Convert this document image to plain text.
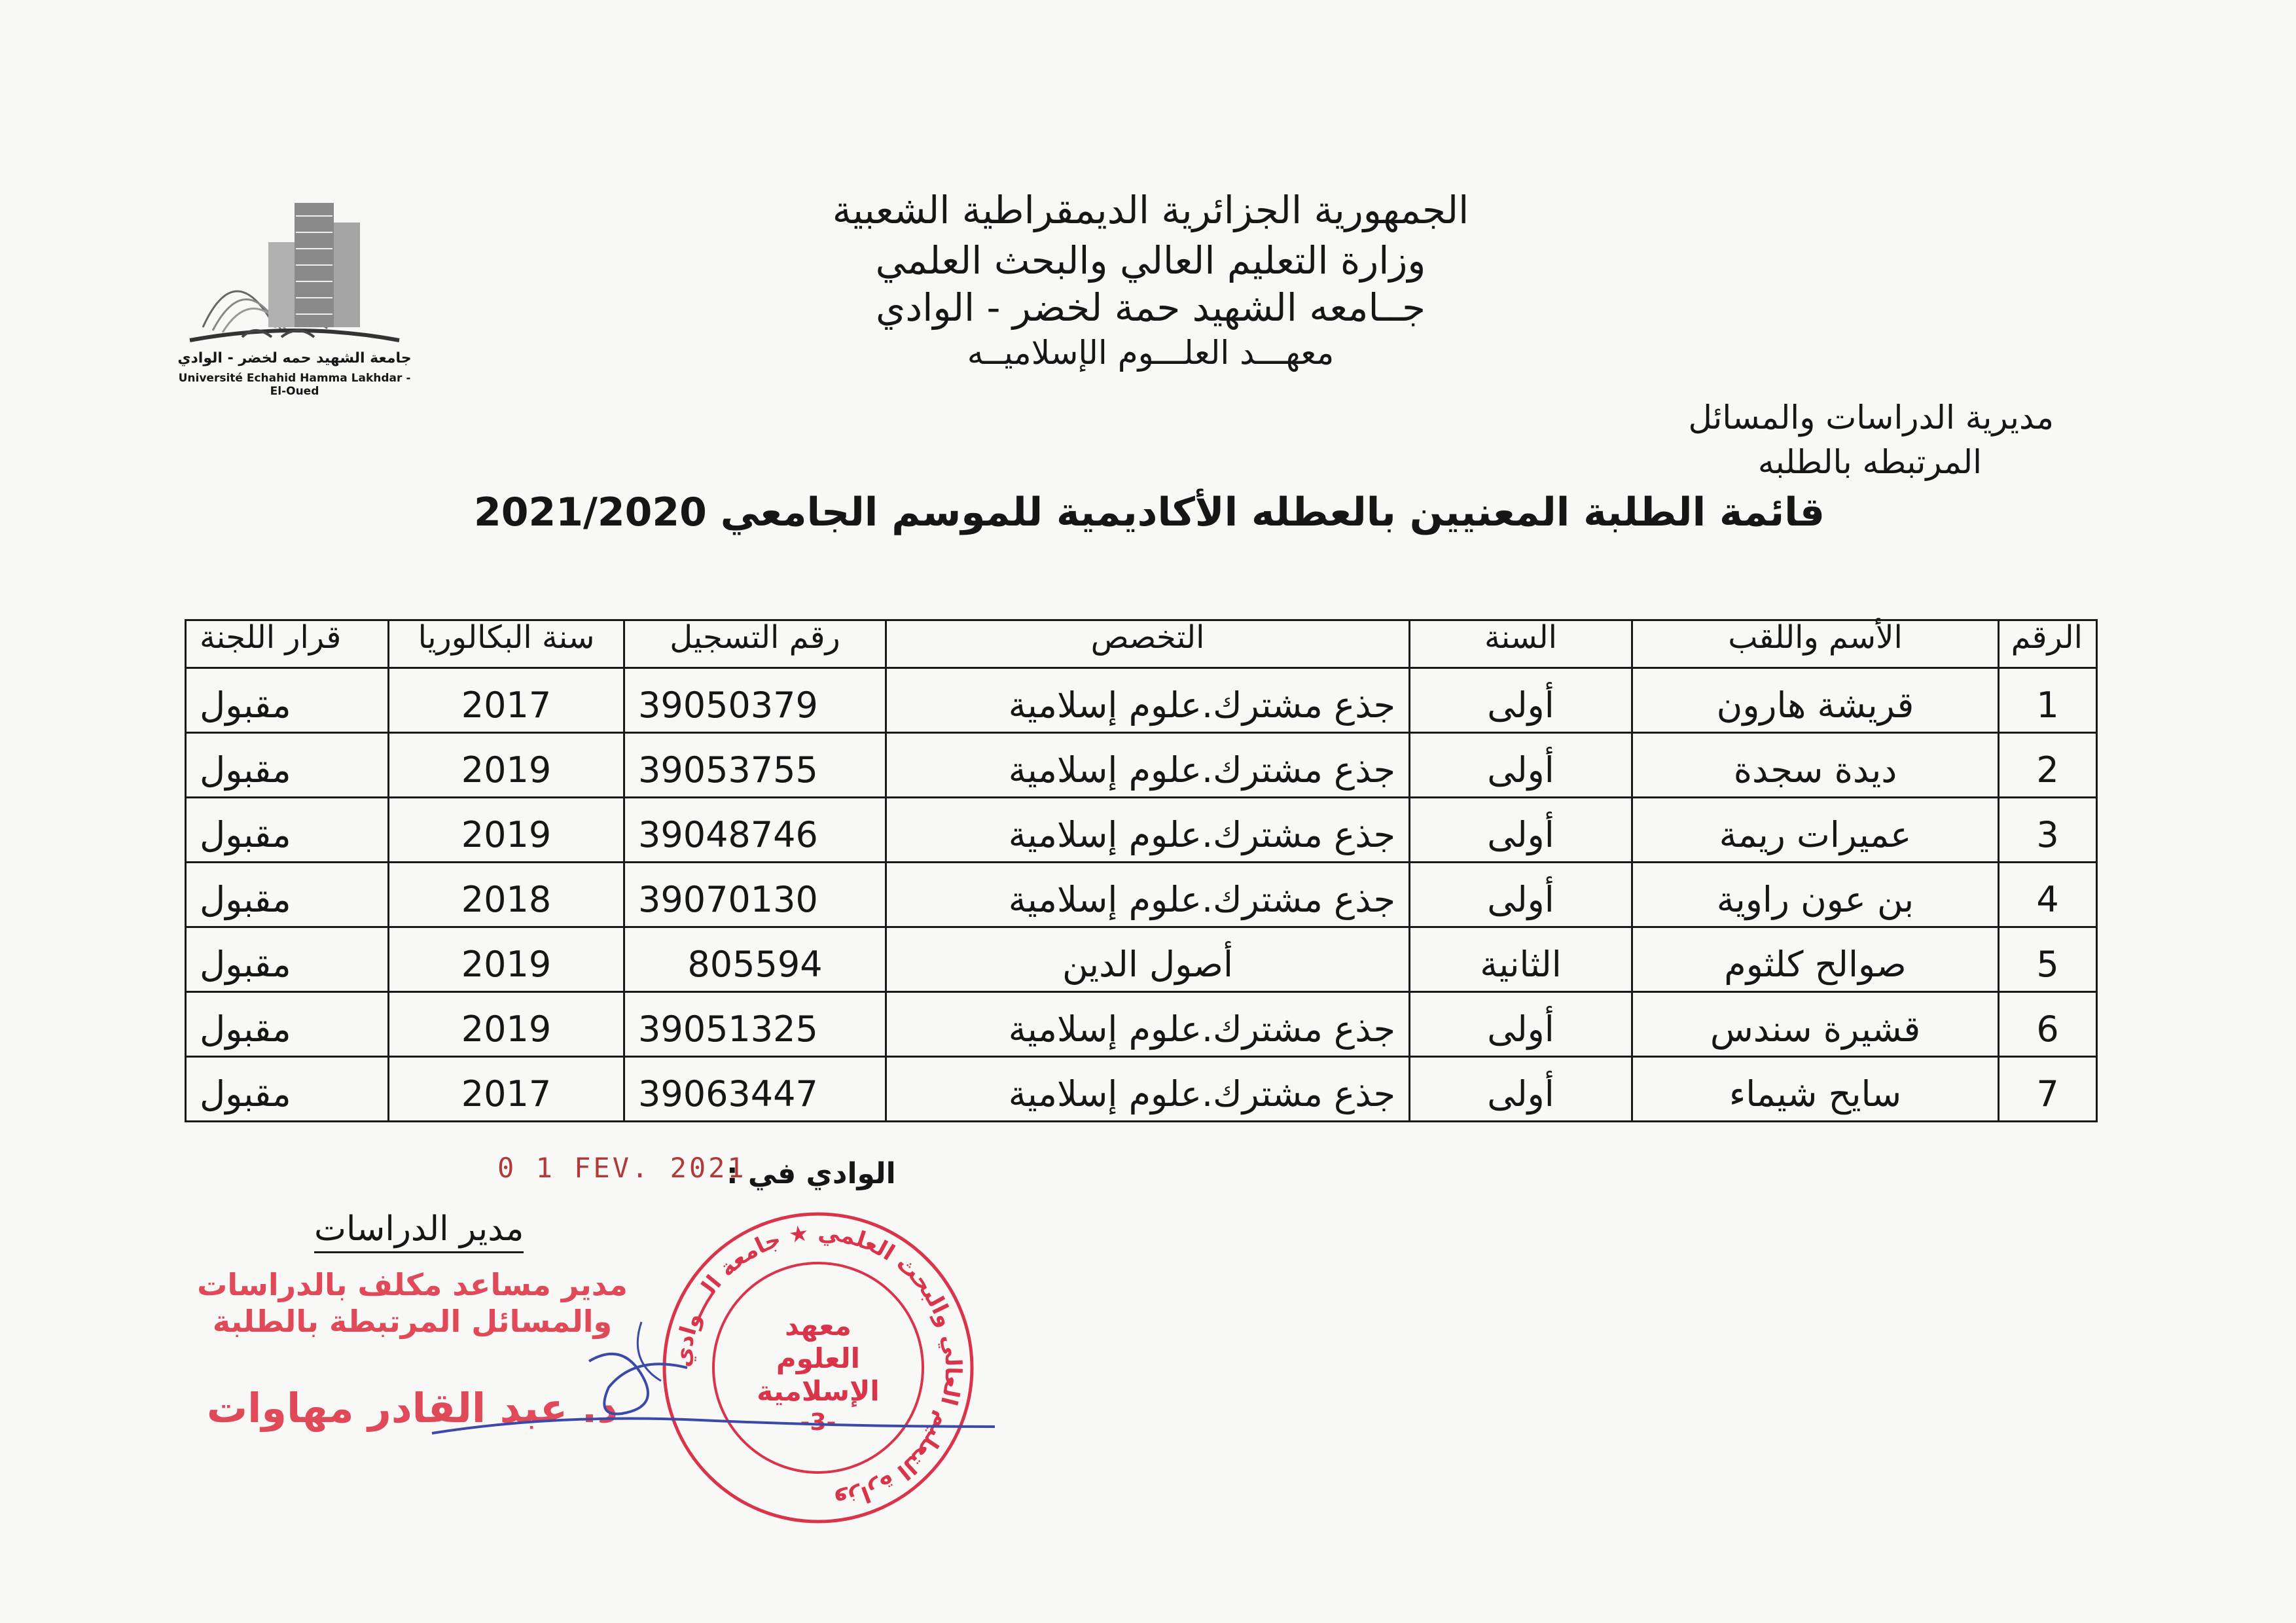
جامعة الشهيد حمه لخضر - الوادي
Université Echahid Hamma Lakhdar - El-Oued
الجمهورية الجزائرية الديمقراطية الشعبية
وزارة التعليم العالي والبحث العلمي
جــامعه الشهيد حمة لخضر - الوادي
معهـــد العلـــوم الإسلاميــه
مديرية الدراسات والمسائل
المرتبطه بالطلبه
قائمة الطلبة المعنيين بالعطله الأكاديمية للموسم الجامعي 2021/2020
الرقم	الأسم واللقب	السنة	التخصص	رقم التسجيل	سنة البكالوريا	قرار اللجنة
1	قريشة هارون	أولى	جذع مشترك.علوم إسلامية	39050379	2017	مقبول
2	ديدة سجدة	أولى	جذع مشترك.علوم إسلامية	39053755	2019	مقبول
3	عميرات ريمة	أولى	جذع مشترك.علوم إسلامية	39048746	2019	مقبول
4	بن عون راوية	أولى	جذع مشترك.علوم إسلامية	39070130	2018	مقبول
5	صوالح كلثوم	الثانية	أصول الدين	805594	2019	مقبول
6	قشيرة سندس	أولى	جذع مشترك.علوم إسلامية	39051325	2019	مقبول
7	سايح شيماء	أولى	جذع مشترك.علوم إسلامية	39063447	2017	مقبول
0 1 FEV. 2021
الوادي في :
مدير الدراسات
مدير مساعد مكلف بالدراسات
والمسائل المرتبطة بالطلبة
د. عبد القادر مهاوات
وزارة التعليم العالي والبحث العلمي ★ جامعة الـــوادي
معهد
العلوم
الإسلامية
-3-
